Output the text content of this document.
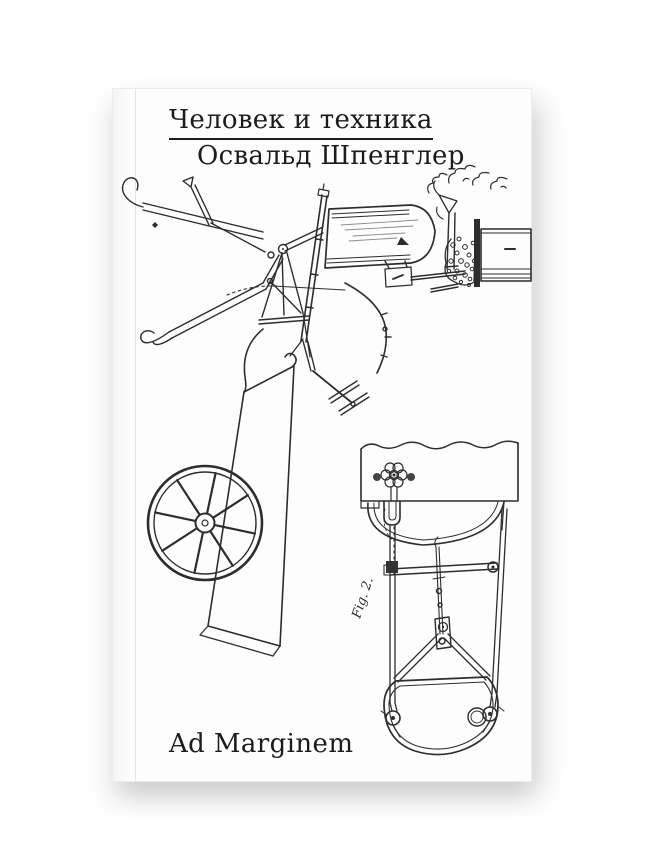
Человек и техника
Освальд Шпенглер
Fig. 2.
Ad Marginem
